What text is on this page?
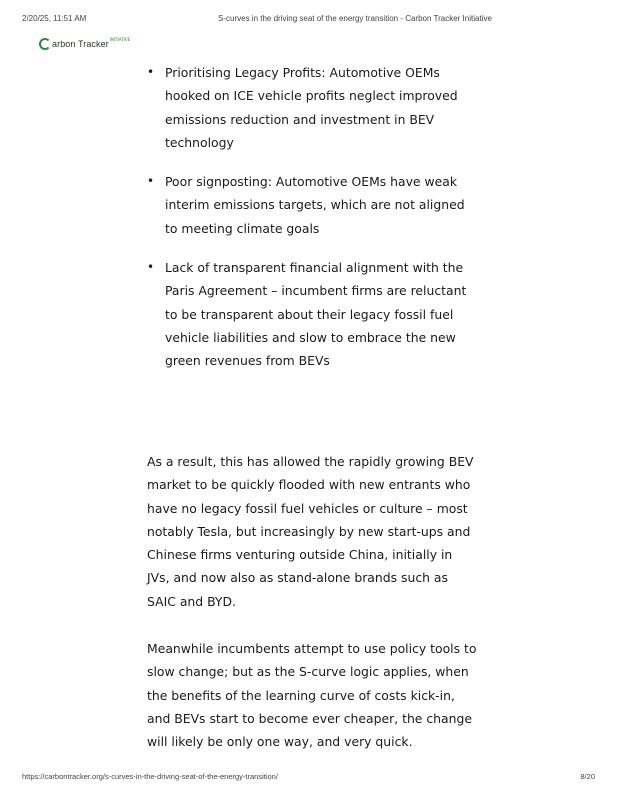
2/20/25, 11:51 AM	S-curves in the driving seat of the energy transition - Carbon Tracker Initiative
arbon Tracker INITIATIVE
• Prioritising Legacy Profits: Automotive OEMs hooked on ICE vehicle profits neglect improved emissions reduction and investment in BEV technology
• Poor signposting: Automotive OEMs have weak interim emissions targets, which are not aligned to meeting climate goals
• Lack of transparent financial alignment with the Paris Agreement – incumbent firms are reluctant to be transparent about their legacy fossil fuel vehicle liabilities and slow to embrace the new green revenues from BEVs

As a result, this has allowed the rapidly growing BEV market to be quickly flooded with new entrants who have no legacy fossil fuel vehicles or culture – most notably Tesla, but increasingly by new start-ups and Chinese firms venturing outside China, initially in JVs, and now also as stand-alone brands such as SAIC and BYD.

Meanwhile incumbents attempt to use policy tools to slow change; but as the S-curve logic applies, when the benefits of the learning curve of costs kick-in, and BEVs start to become ever cheaper, the change will likely be only one way, and very quick.

https://carbontracker.org/s-curves-in-the-driving-seat-of-the-energy-transition/	8/20
